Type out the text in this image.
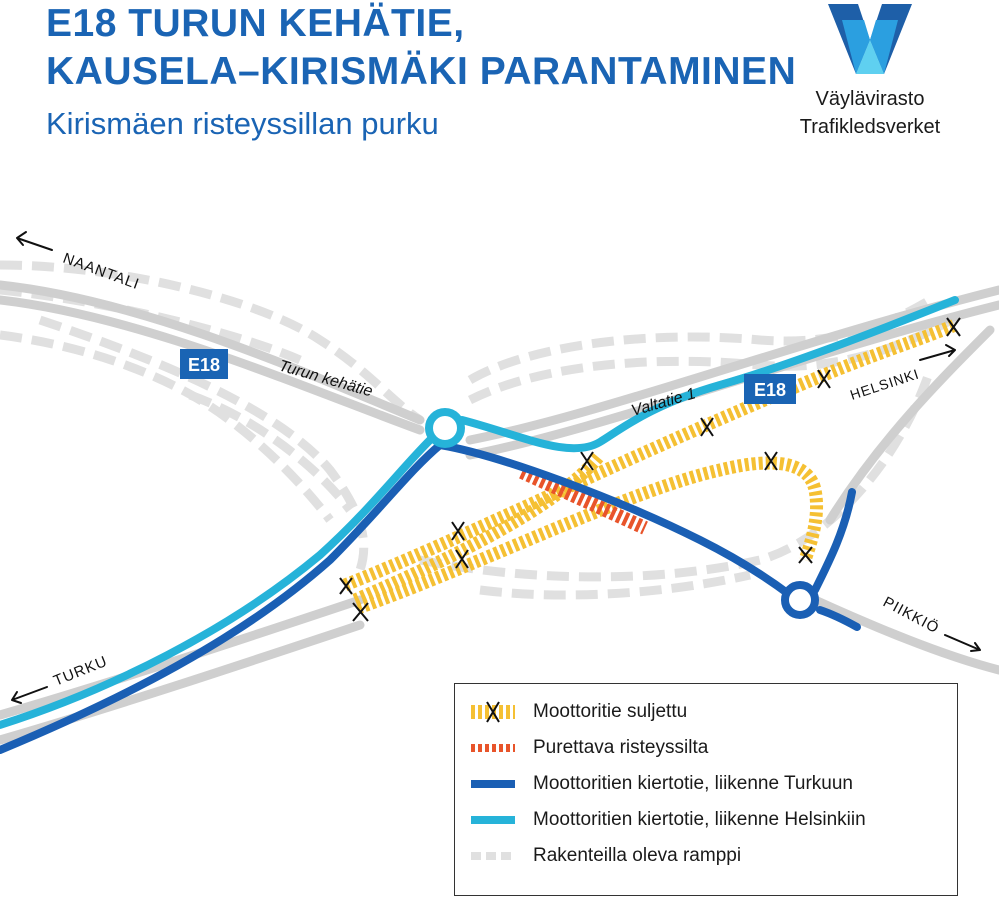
E18 TURUN KEHÄTIE,
KAUSELA–KIRISMÄKI PARANTAMINEN
Kirismäen risteyssillan purku
Väylävirasto
Trafikledsverket
E18
E18
NAANTALI
Turun kehätie
Valtatie 1	HELSINKI
PIIKKIÖ
TURKU
Moottoritie suljettu
Purettava risteyssilta
Moottoritien kiertotie, liikenne Turkuun
Moottoritien kiertotie, liikenne Helsinkiin
Rakenteilla oleva ramppi
